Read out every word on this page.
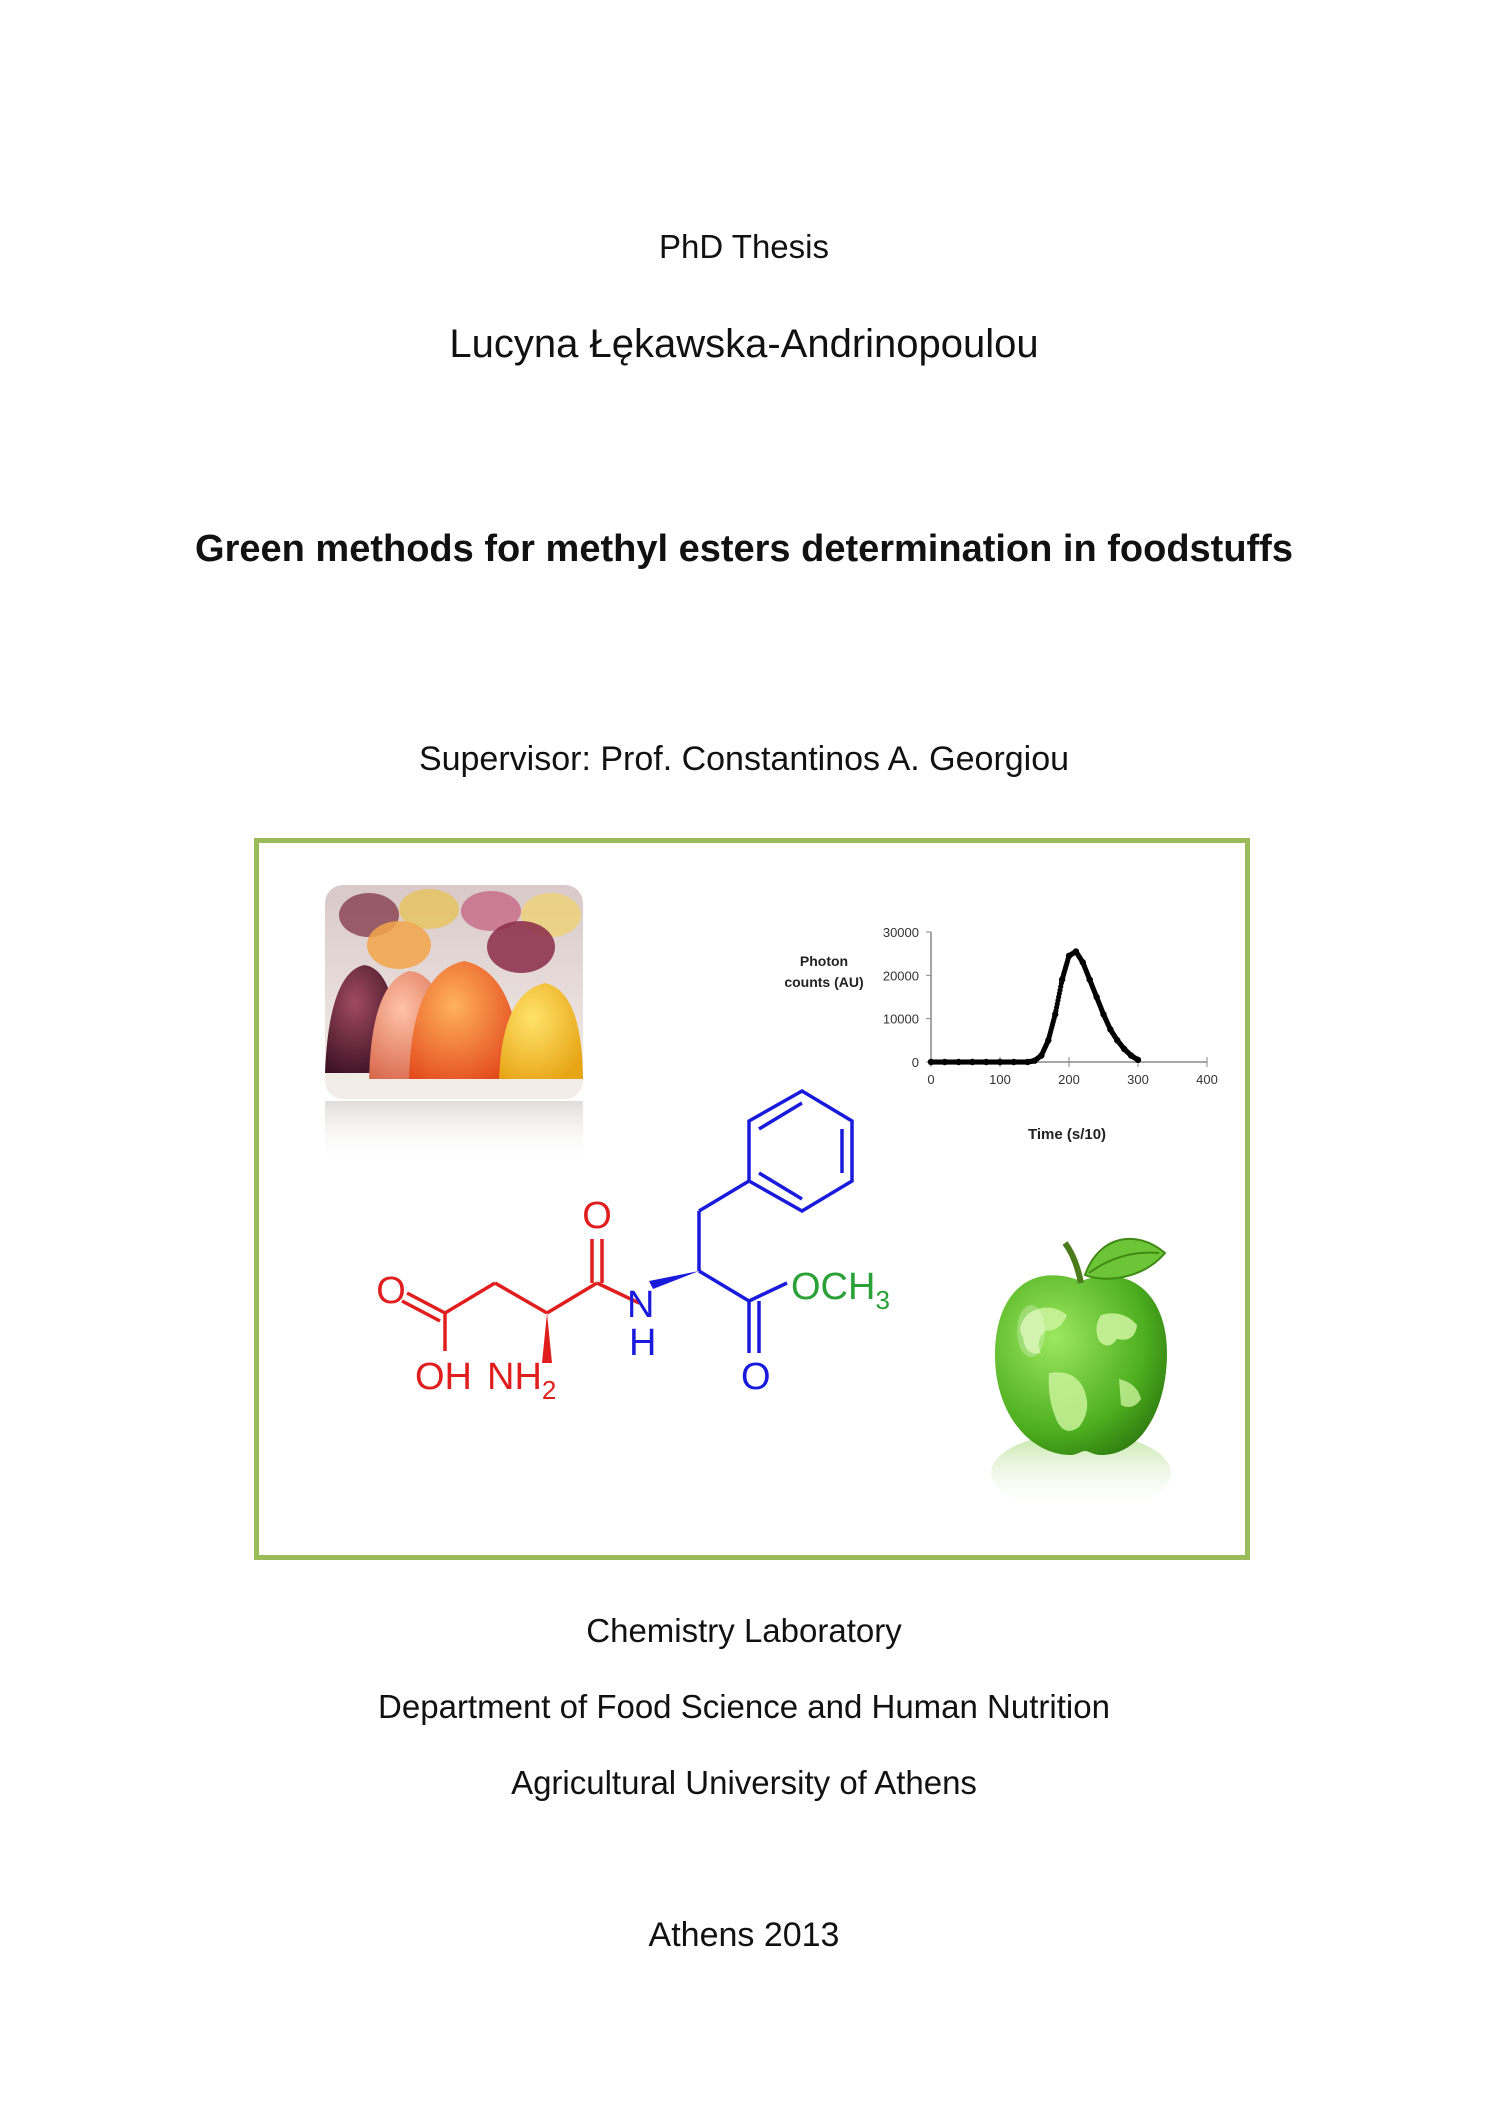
PhD Thesis
Lucyna Łękawska-Andrinopoulou
Green methods for methyl esters determination in foodstuffs
Supervisor: Prof. Constantinos A. Georgiou
0
10000
20000
30000
0	100	200	300	400
Photon
counts (AU)
Time (s/10)
O
O
OH $NH_2$
N
H
$OCH_3$
O
Chemistry Laboratory
Department of Food Science and Human Nutrition
Agricultural University of Athens
Athens 2013
